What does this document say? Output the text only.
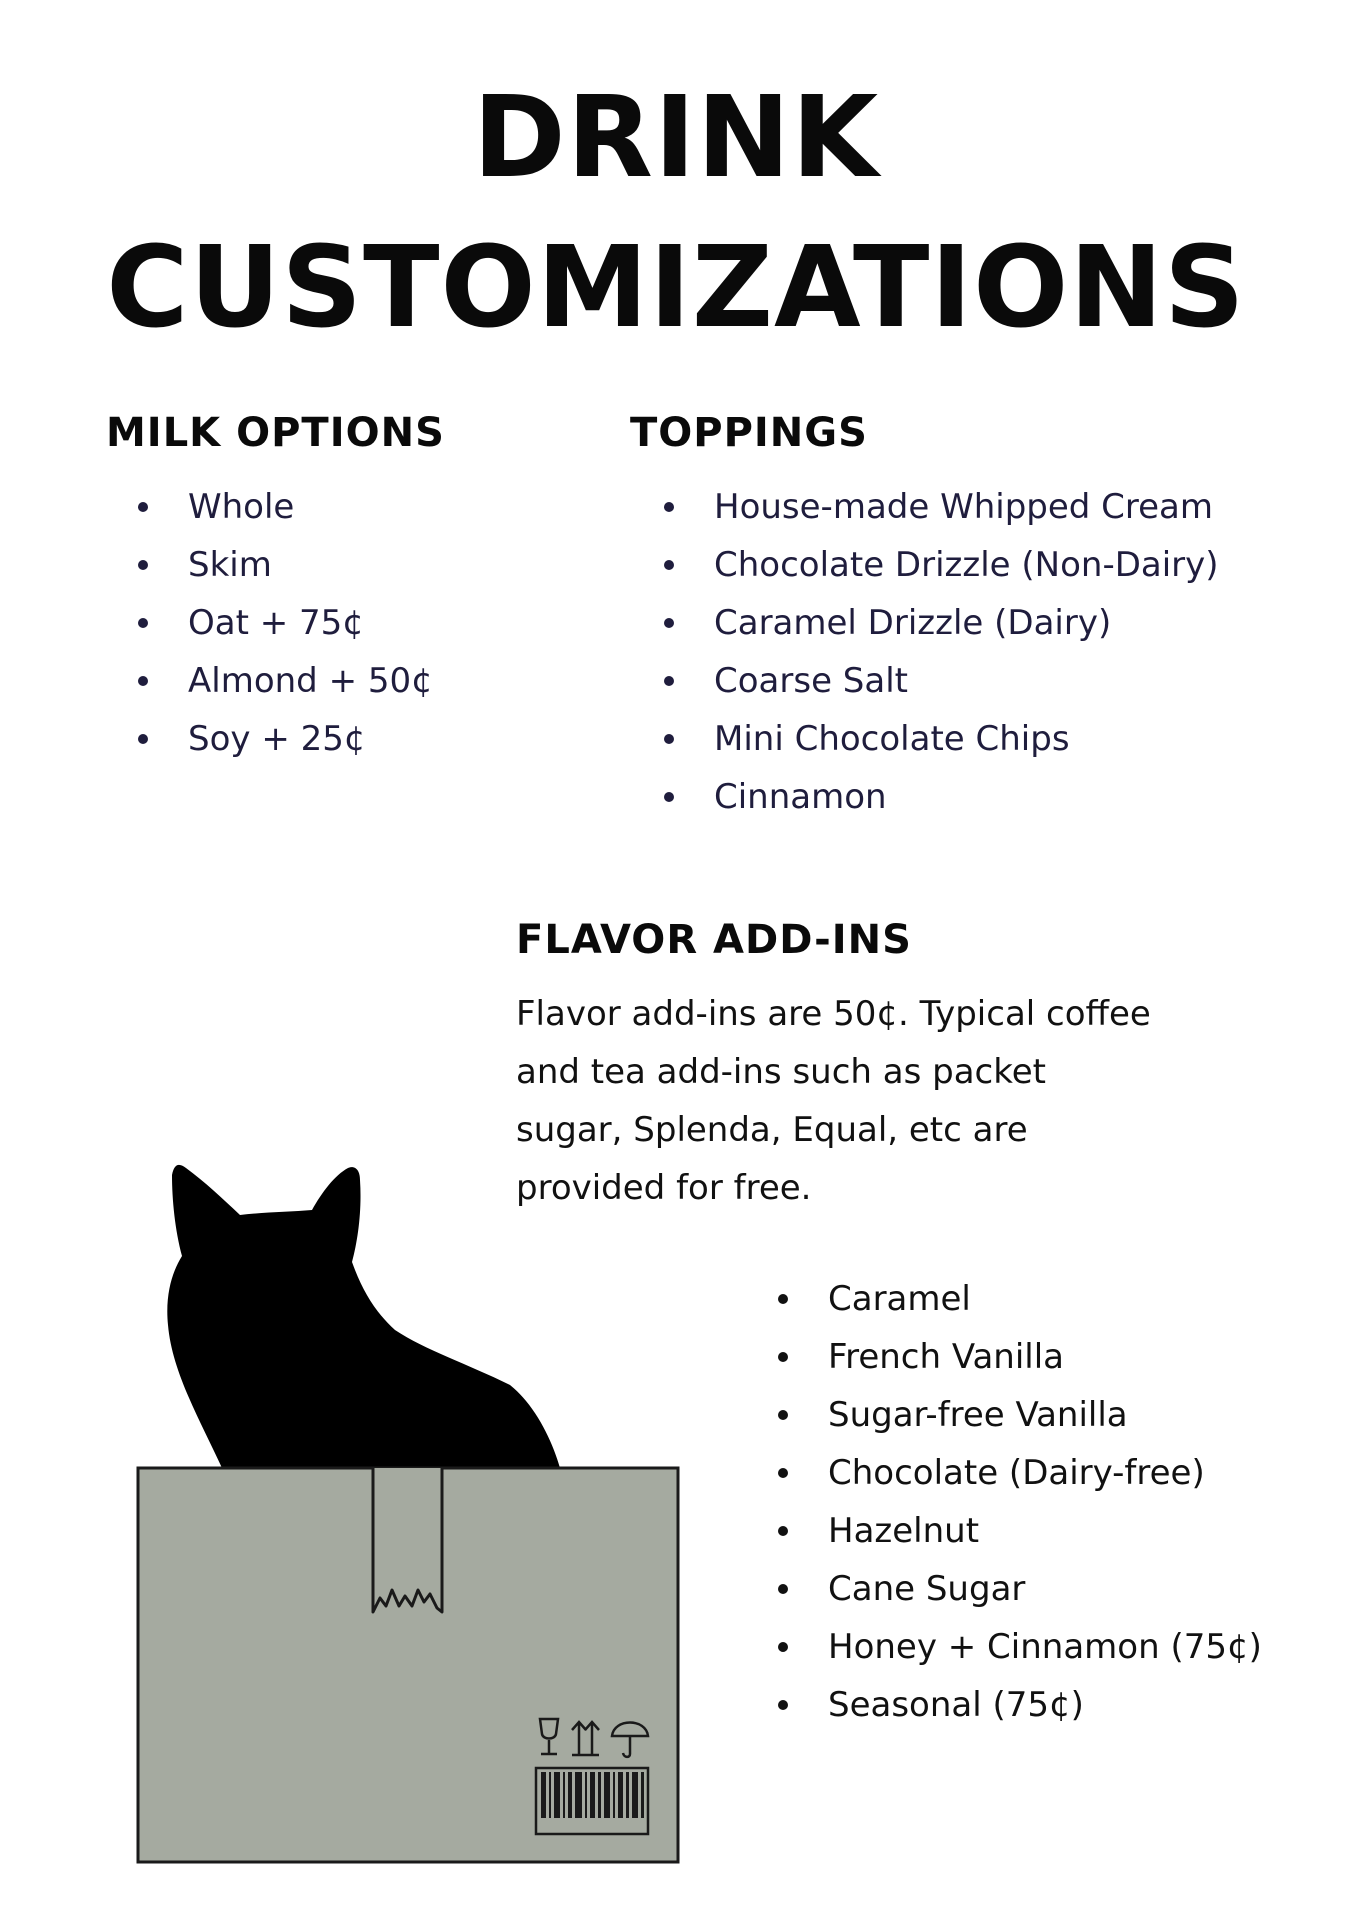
DRINK
CUSTOMIZATIONS
MILK OPTIONS
Whole
Skim
Oat + 75¢
Almond + 50¢
Soy + 25¢
TOPPINGS
House-made Whipped Cream
Chocolate Drizzle (Non-Dairy)
Caramel Drizzle (Dairy)
Coarse Salt
Mini Chocolate Chips
Cinnamon
FLAVOR ADD-INS

Flavor add-ins are 50¢. Typical coffee and tea add-ins such as packet sugar, Splenda, Equal, etc are provided for free.

Caramel
French Vanilla
Sugar-free Vanilla
Chocolate (Dairy-free)
Hazelnut
Cane Sugar
Honey + Cinnamon (75¢)
Seasonal (75¢)
